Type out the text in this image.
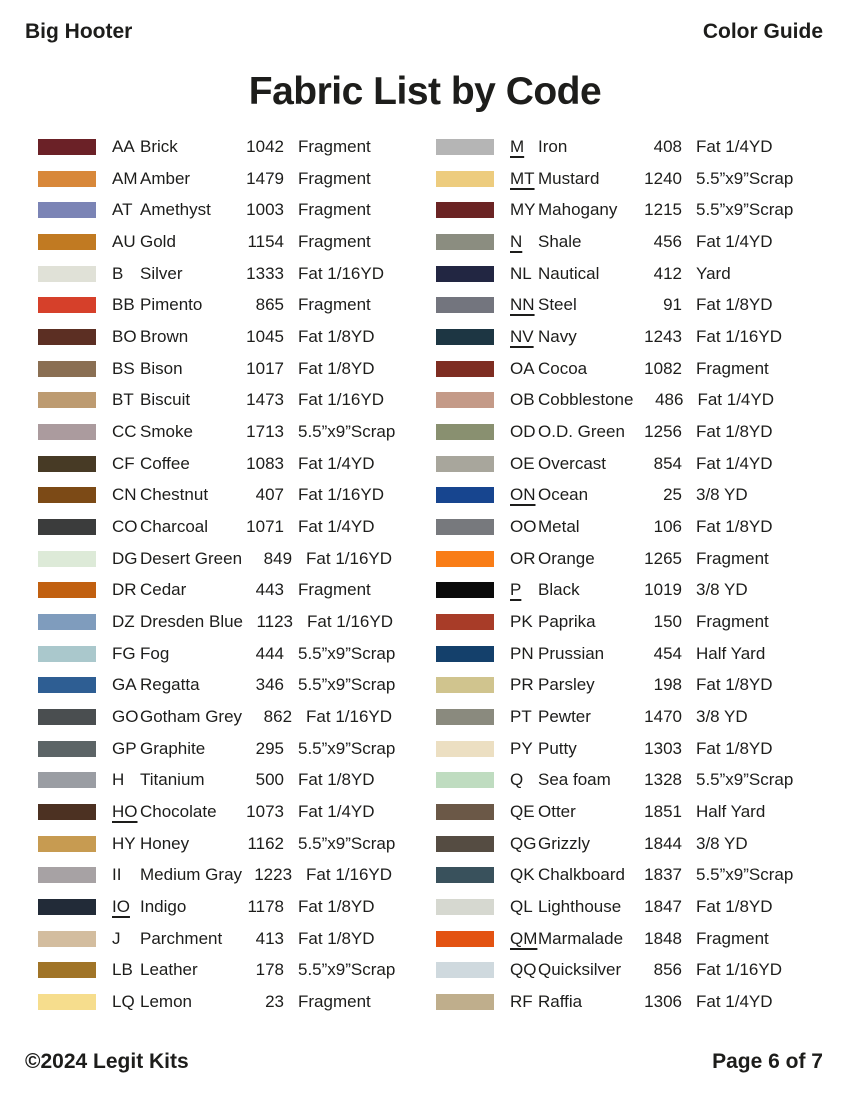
Big Hooter	Color Guide
Fabric List by Code
AA Brick	1042 Fragment
AM Amber	1479 Fragment
AT Amethyst	1003 Fragment
AU Gold	1154 Fragment
B Silver	1333 Fat 1/16YD
BB Pimento	865 Fragment
BO Brown	1045 Fat 1/8YD
BS Bison	1017 Fat 1/8YD
BT Biscuit	1473 Fat 1/16YD
CC Smoke	1713 5.5”x9”Scrap
CF Coffee	1083 Fat 1/4YD
CN Chestnut	407 Fat 1/16YD
CO Charcoal	1071 Fat 1/4YD
DG Desert Green	849 Fat 1/16YD
DR Cedar	443 Fragment
DZ Dresden Blue 1123 Fat 1/16YD
FG Fog	444 5.5”x9”Scrap
GA Regatta	346 5.5”x9”Scrap
GO Gotham Grey	862 Fat 1/16YD
GP Graphite	295 5.5”x9”Scrap
H Titanium	500 Fat 1/8YD
HO Chocolate	1073 Fat 1/4YD
HY Honey	1162 5.5”x9”Scrap
II	Medium Gray 1223 Fat 1/16YD
IO Indigo	1178 Fat 1/8YD
J	Parchment	413 Fat 1/8YD
LB Leather	178 5.5”x9”Scrap
LQ Lemon	23 Fragment
M Iron	408 Fat 1/4YD
MT Mustard	1240 5.5”x9”Scrap
MY Mahogany	1215 5.5”x9”Scrap
N Shale	456 Fat 1/4YD
NL Nautical	412 Yard
NN Steel	91 Fat 1/8YD
NV Navy	1243 Fat 1/16YD
OA Cocoa	1082 Fragment
OB Cobblestone	486 Fat 1/4YD
OD O.D. Green	1256 Fat 1/8YD
OE Overcast	854 Fat 1/4YD
ON Ocean	25 3/8 YD
OO Metal	106 Fat 1/8YD
OR Orange	1265 Fragment
P Black	1019 3/8 YD
PK Paprika	150 Fragment
PN Prussian	454 Half Yard
PR Parsley	198 Fat 1/8YD
PT Pewter	1470 3/8 YD
PY Putty	1303 Fat 1/8YD
Q Sea foam	1328 5.5”x9”Scrap
QE Otter	1851 Half Yard
QG Grizzly	1844 3/8 YD
QK Chalkboard	1837 5.5”x9”Scrap
QL Lighthouse	1847 Fat 1/8YD
QM Marmalade	1848 Fragment
QQ Quicksilver	856 Fat 1/16YD
RF Raffia	1306 Fat 1/4YD
©2024 Legit Kits	Page 6 of 7
